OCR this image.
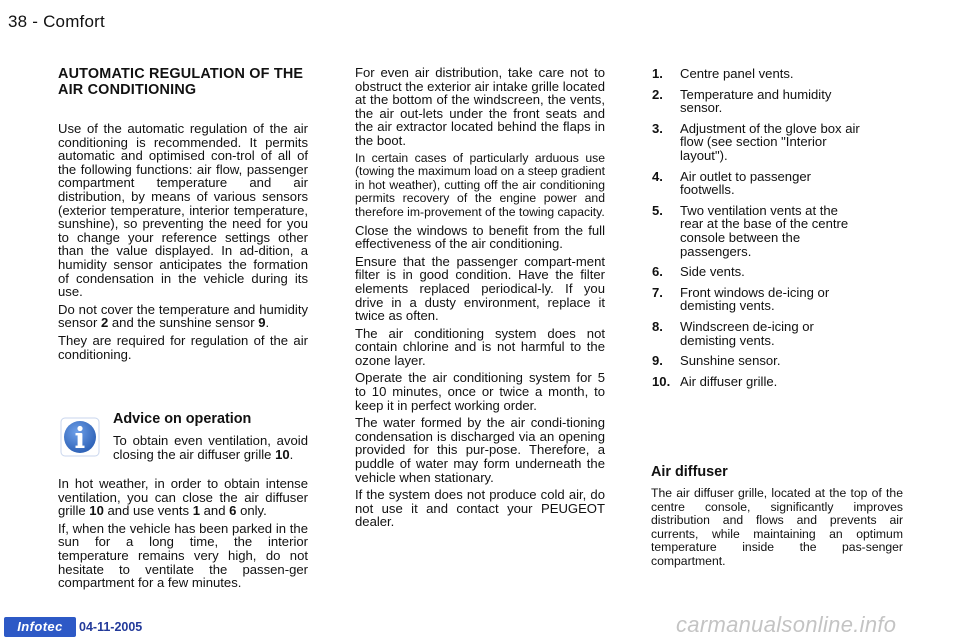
38 - Comfort
AUTOMATIC REGULATION OF THE AIR CONDITIONING

Use of the automatic regulation of the air conditioning is recommended. It permits automatic and optimised con-trol of all of the following functions: air flow, passenger compartment temperature and air distribution, by means of various sensors (exterior temperature, interior temperature, sunshine), so preventing the need for you to change your reference settings other than the value displayed. In ad-dition, a humidity sensor anticipates the formation of condensation in the vehicle during its use.

Do not cover the temperature and humidity sensor 2 and the sunshine sensor 9.

They are required for regulation of the air conditioning.

Advice on operation

To obtain even ventilation, avoid closing the air diffuser grille 10.

In hot weather, in order to obtain intense ventilation, you can close the air diffuser grille 10 and use vents 1 and 6 only.

If, when the vehicle has been parked in the sun for a long time, the interior temperature remains very high, do not hesitate to ventilate the passen-ger compartment for a few minutes.

For even air distribution, take care not to obstruct the exterior air intake grille located at the bottom of the windscreen, the vents, the air out-lets under the front seats and the air extractor located behind the flaps in the boot.

In certain cases of particularly arduous use (towing the maximum load on a steep gradient in hot weather), cutting off the air conditioning permits recovery of the engine power and therefore im-provement of the towing capacity.

Close the windows to benefit from the full effectiveness of the air conditioning.

Ensure that the passenger compart-ment filter is in good condition. Have the filter elements replaced periodical-ly. If you drive in a dusty environment, replace it twice as often.

The air conditioning system does not contain chlorine and is not harmful to the ozone layer.

Operate the air conditioning system for 5 to 10 minutes, once or twice a month, to keep it in perfect working order.

The water formed by the air condi-tioning condensation is discharged via an opening provided for this pur-pose. Therefore, a puddle of water may form underneath the vehicle when stationary.

If the system does not produce cold air, do not use it and contact your PEUGEOT dealer.

1.	Centre panel vents.
2.	Temperature and humidity sensor.
3.	Adjustment of the glove box air flow (see section "Interior layout").
4.	Air outlet to passenger footwells.
5.	Two ventilation vents at the rear at the base of the centre console between the passengers.
6.	Side vents.
7.	Front windows de-icing or demisting vents.
8.	Windscreen de-icing or demisting vents.
9.	Sunshine sensor.
10. Air diffuser grille.
Air diffuser

The air diffuser grille, located at the top of the centre console, significantly improves distribution and flows and prevents air currents, while maintaining an optimum temperature inside the pas-senger compartment.

Infotec	04-11-2005	carmanualsonline.info
